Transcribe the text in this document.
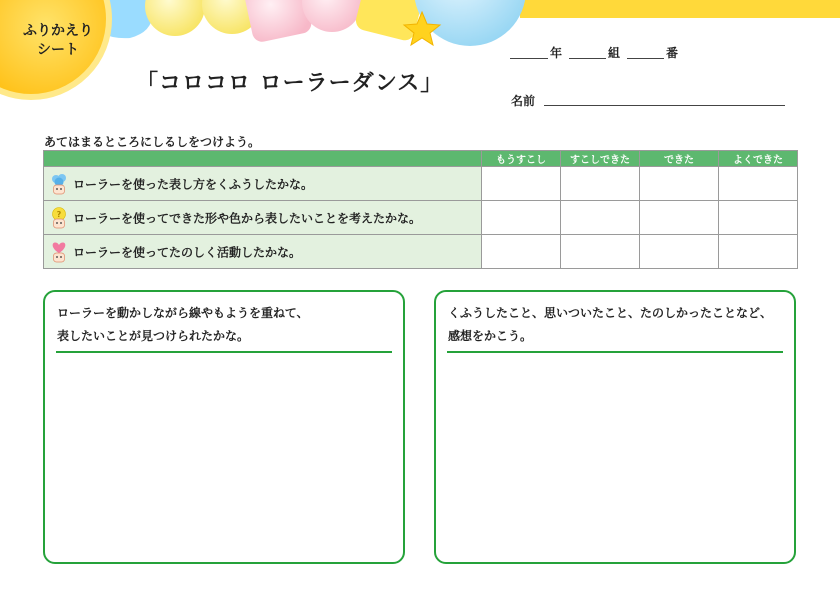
ふりかえり
シート
「コロコロ ローラーダンス」
年	組	番
名前
あてはまるところにしるしをつけよう。
	もうすこし	すこしできた	できた	よくできた
ローラーを使った表し方をくふうしたかな。				

? ローラーを使ってできた形や色から表したいことを考えたかな。				
ローラーを使ってたのしく活動したかな。				
ローラーを動かしながら線やもようを重ねて、
表したいことが見つけられたかな。
くふうしたこと、思いついたこと、たのしかったことなど、
感想をかこう。
